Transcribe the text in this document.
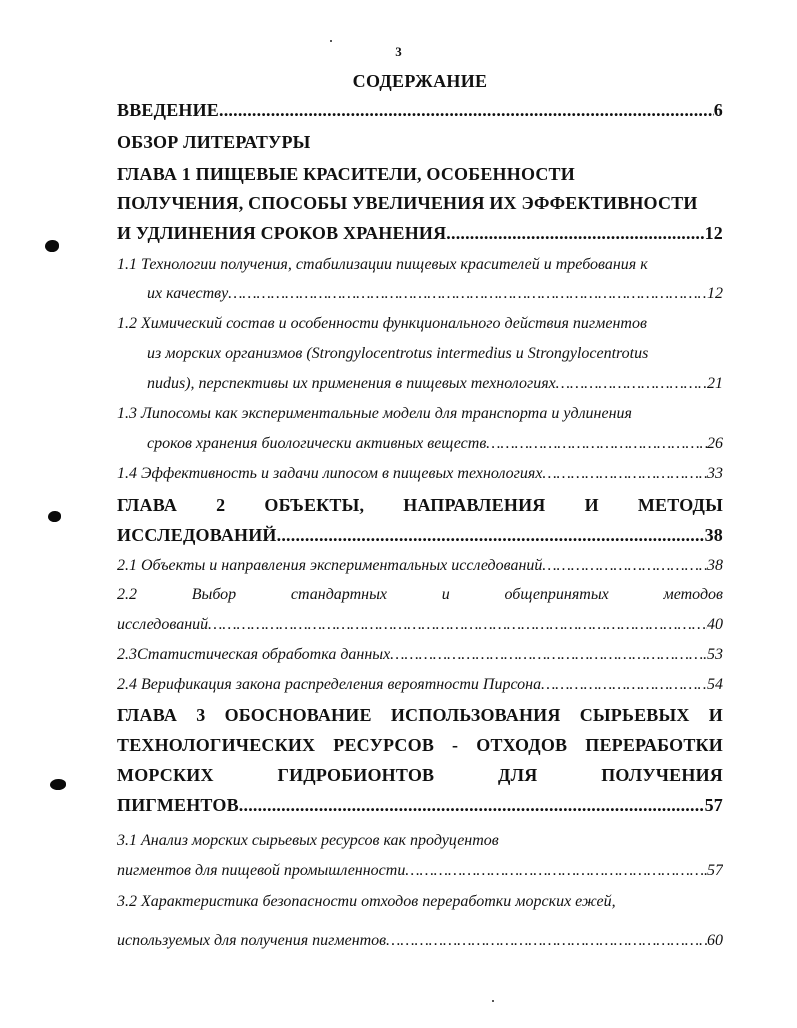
3
СОДЕРЖАНИЕ
ВВЕДЕНИЕ .....	6
ОБЗОР ЛИТЕРАТУРЫ
ГЛАВА 1 ПИЩЕВЫЕ КРАСИТЕЛИ, ОСОБЕННОСТИ
ПОЛУЧЕНИЯ, СПОСОБЫ УВЕЛИЧЕНИЯ ИХ ЭФФЕКТИВНОСТИ
И УДЛИНЕНИЯ СРОКОВ ХРАНЕНИЯ .....	12
1.1 Технологии получения, стабилизации пищевых красителей и требования к
их качеству …………………………………………………………………………………………………………………………………………………………………	12
1.2 Химический состав и особенности функционального действия пигментов
из морских организмов (Strongylocentrotus intermedius и Strongylocentrotus
nudus), перспективы их применения в пищевых технологиях …………………………………………………………………………………………………………………………………………………………………	21
1.3 Липосомы как экспериментальные модели для транспорта и удлинения
сроков хранения биологически активных веществ …………………………………………………………………………………………………………………………………………………………………	26
1.4 Эффективность и задачи липосом в пищевых технологиях …………………………………………………………………………………………………………………………………………………………………	33
ГЛАВА 2 ОБЪЕКТЫ, НАПРАВЛЕНИЯ И МЕТОДЫ
ИССЛЕДОВАНИЙ .....	38
2.1 Объекты и направления экспериментальных исследований …………………………………………………………………………………………………………………………………………………………………	38
2.2	Выбор	стандартных	и	общепринятых	методов
исследований …………………………………………………………………………………………………………………………………………………………………	40
2.3Статистическая обработка данных …………………………………………………………………………………………………………………………………………………………………	53
2.4 Верификация закона распределения вероятности Пирсона …………………………………………………………………………………………………………………………………………………………………	54
ГЛАВА 3 ОБОСНОВАНИЕ ИСПОЛЬЗОВАНИЯ СЫРЬЕВЫХ И
ТЕХНОЛОГИЧЕСКИХ РЕСУРСОВ - ОТХОДОВ ПЕРЕРАБОТКИ
МОРСКИХ	ГИДРОБИОНТОВ	ДЛЯ	ПОЛУЧЕНИЯ
ПИГМЕНТОВ .....	57
3.1 Анализ морских сырьевых ресурсов как продуцентов
пигментов для пищевой промышленности …………………………………………………………………………………………………………………………………………………………………	57
3.2 Характеристика безопасности отходов переработки морских ежей,
используемых для получения пигментов …………………………………………………………………………………………………………………………………………………………………	60
